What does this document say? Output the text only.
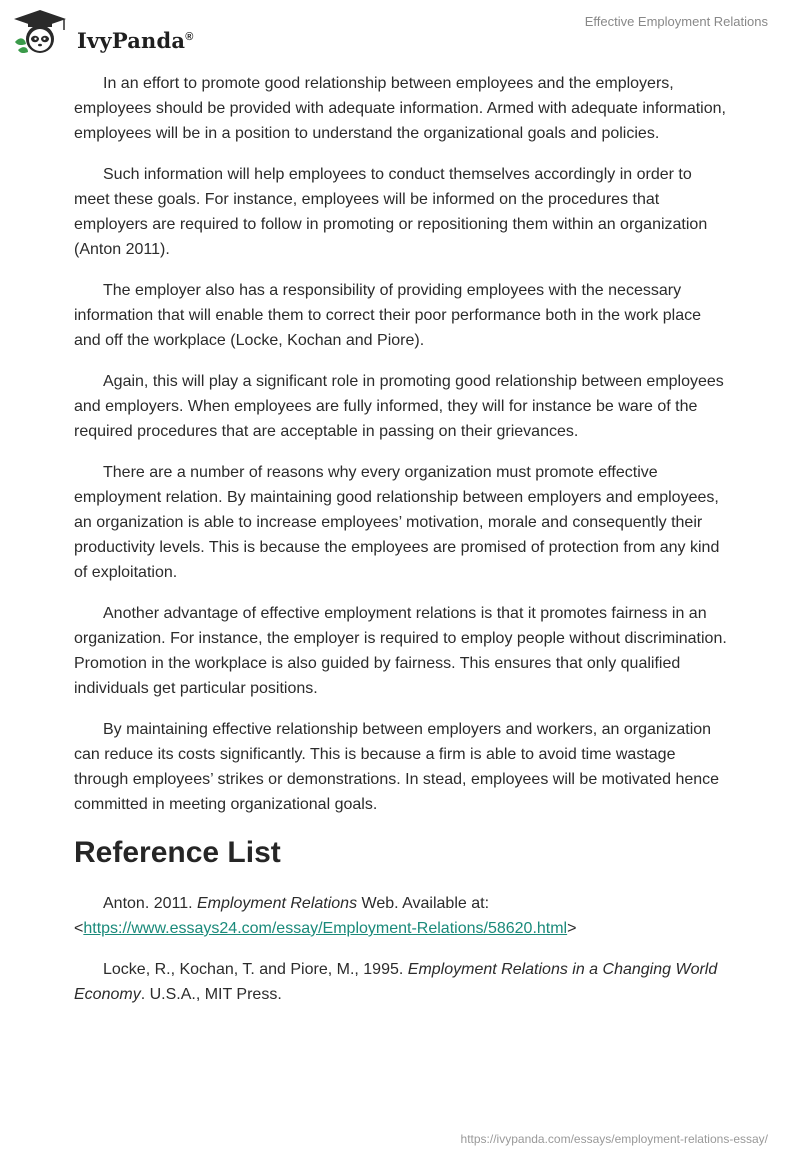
IvyPanda®
Effective Employment Relations

In an effort to promote good relationship between employees and the employers, employees should be provided with adequate information. Armed with adequate information, employees will be in a position to understand the organizational goals and policies.

Such information will help employees to conduct themselves accordingly in order to meet these goals. For instance, employees will be informed on the procedures that employers are required to follow in promoting or repositioning them within an organization (Anton 2011).

The employer also has a responsibility of providing employees with the necessary information that will enable them to correct their poor performance both in the work place and off the workplace (Locke, Kochan and Piore).

Again, this will play a significant role in promoting good relationship between employees and employers. When employees are fully informed, they will for instance be ware of the required procedures that are acceptable in passing on their grievances.

There are a number of reasons why every organization must promote effective employment relation. By maintaining good relationship between employers and employees, an organization is able to increase employees’ motivation, morale and consequently their productivity levels. This is because the employees are promised of protection from any kind of exploitation.

Another advantage of effective employment relations is that it promotes fairness in an organization. For instance, the employer is required to employ people without discrimination. Promotion in the workplace is also guided by fairness. This ensures that only qualified individuals get particular positions.

By maintaining effective relationship between employers and workers, an organization can reduce its costs significantly. This is because a firm is able to avoid time wastage through employees’ strikes or demonstrations. In stead, employees will be motivated hence committed in meeting organizational goals.

Reference List

Anton. 2011. Employment Relations Web. Available at: <https://www.essays24.com/essay/Employment-Relations/58620.html>

Locke, R., Kochan, T. and Piore, M., 1995. Employment Relations in a Changing World Economy. U.S.A., MIT Press.

https://ivypanda.com/essays/employment-relations-essay/
